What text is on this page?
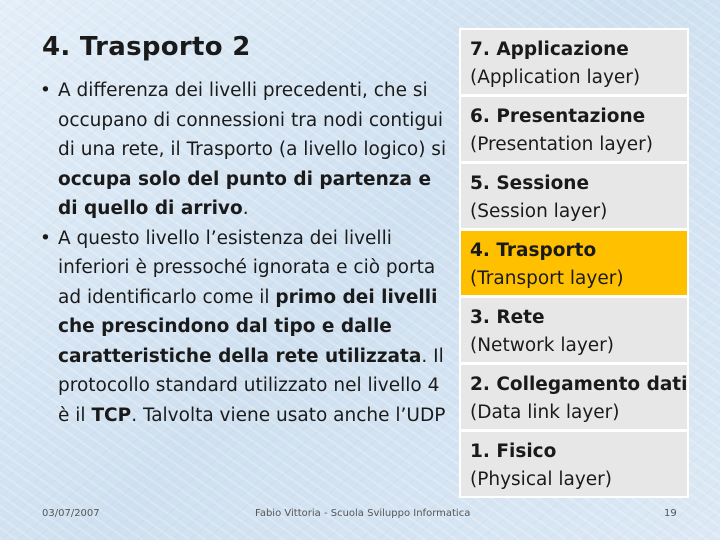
4. Trasporto 2
• A differenza dei livelli precedenti, che si occupano di connessioni tra nodi contigui di una rete, il Trasporto (a livello logico) si occupa solo del punto di partenza e di quello di arrivo.
• A questo livello l’esistenza dei livelli inferiori è pressoché ignorata e ciò porta ad identificarlo come il primo dei livelli che prescindono dal tipo e dalle caratteristiche della rete utilizzata. Il protocollo standard utilizzato nel livello 4 è il TCP. Talvolta viene usato anche l’UDP
7. Applicazione
(Application layer)
6. Presentazione
(Presentation layer)
5. Sessione
(Session layer)
4. Trasporto
(Transport layer)
3. Rete
(Network layer)
2. Collegamento dati
(Data link layer)
1. Fisico
(Physical layer)
03/07/2007	Fabio Vittoria - Scuola Sviluppo Informatica	19
